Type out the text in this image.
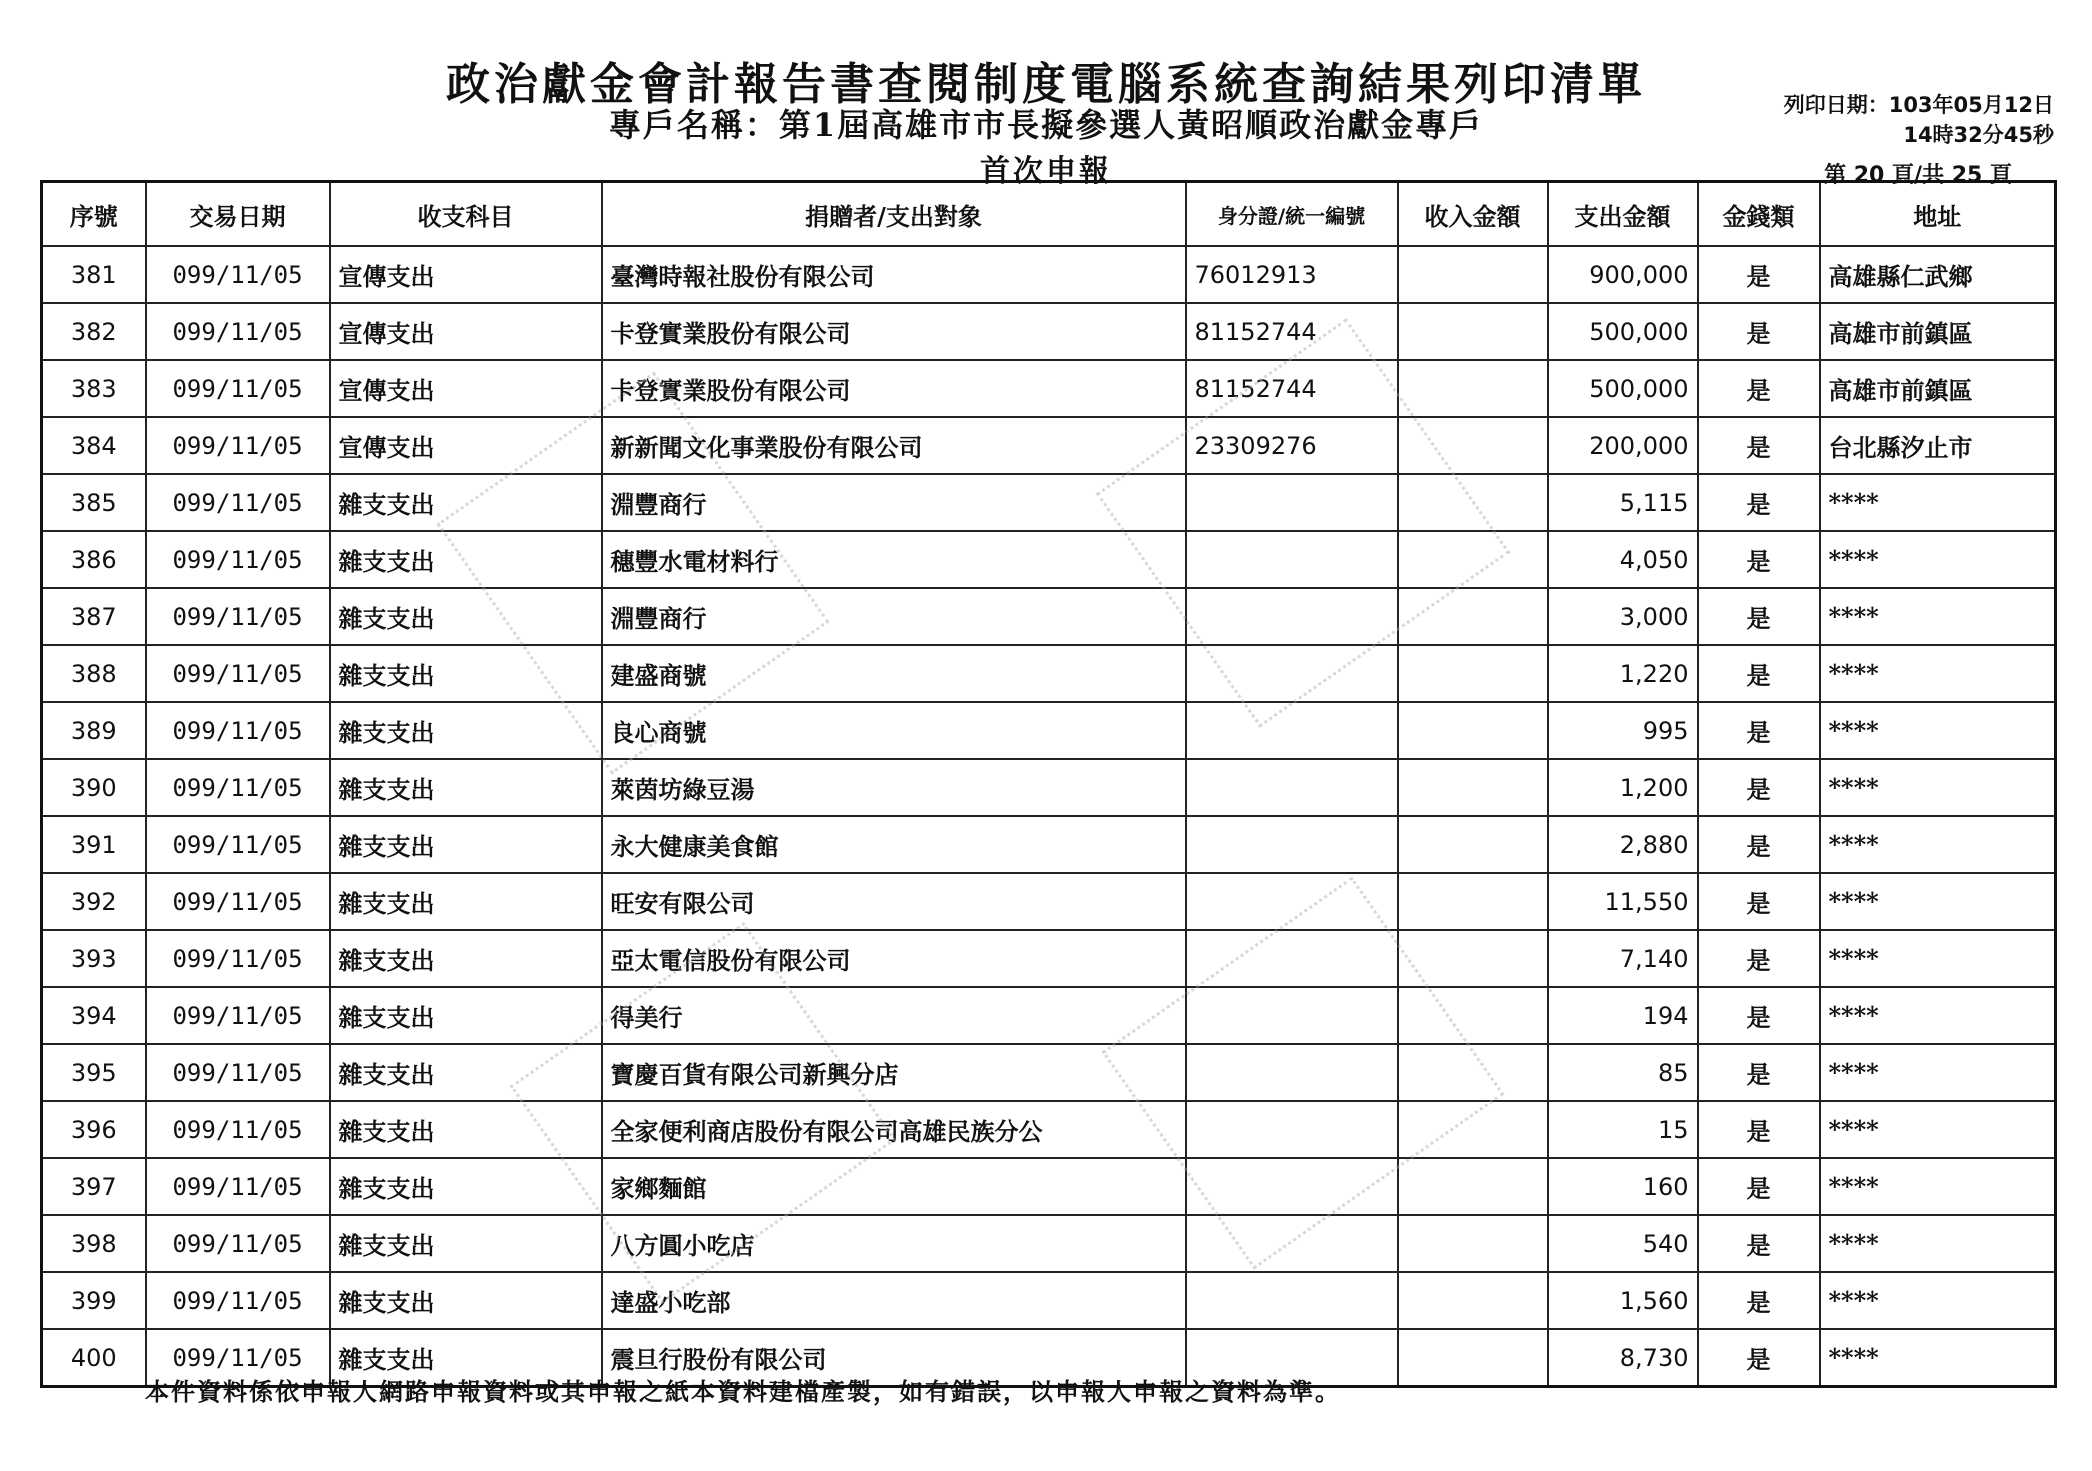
政治獻金會計報告書查閱制度電腦系統查詢結果列印清單
專戶名稱：第1屆高雄市市長擬參選人黃昭順政治獻金專戶
首次申報
列印日期：103年05月12日
14時32分45秒
第 20 頁/共 25 頁
序號	交易日期	收支科目	捐贈者/支出對象	身分證/統一編號	收入金額	支出金額	金錢類	地址
381	099/11/05	宣傳支出	臺灣時報社股份有限公司	76012913		900,000	是	高雄縣仁武鄉
382	099/11/05	宣傳支出	卡登實業股份有限公司	81152744		500,000	是	高雄市前鎮區
383	099/11/05	宣傳支出	卡登實業股份有限公司	81152744		500,000	是	高雄市前鎮區
384	099/11/05	宣傳支出	新新聞文化事業股份有限公司	23309276		200,000	是	台北縣汐止市
385	099/11/05	雜支支出	淵豐商行			5,115	是	****
386	099/11/05	雜支支出	穗豐水電材料行			4,050	是	****
387	099/11/05	雜支支出	淵豐商行			3,000	是	****
388	099/11/05	雜支支出	建盛商號			1,220	是	****
389	099/11/05	雜支支出	良心商號			995	是	****
390	099/11/05	雜支支出	萊茵坊綠豆湯			1,200	是	****
391	099/11/05	雜支支出	永大健康美食館			2,880	是	****
392	099/11/05	雜支支出	旺安有限公司			11,550	是	****
393	099/11/05	雜支支出	亞太電信股份有限公司			7,140	是	****
394	099/11/05	雜支支出	得美行			194	是	****
395	099/11/05	雜支支出	寶慶百貨有限公司新興分店			85	是	****
396	099/11/05	雜支支出	全家便利商店股份有限公司高雄民族分公			15	是	****
397	099/11/05	雜支支出	家鄉麵館			160	是	****
398	099/11/05	雜支支出	八方圓小吃店			540	是	****
399	099/11/05	雜支支出	達盛小吃部			1,560	是	****
400	099/11/05	雜支支出	震旦行股份有限公司			8,730	是	****
本件資料係依申報人網路申報資料或其申報之紙本資料建檔產製，如有錯誤，以申報人申報之資料為準。
